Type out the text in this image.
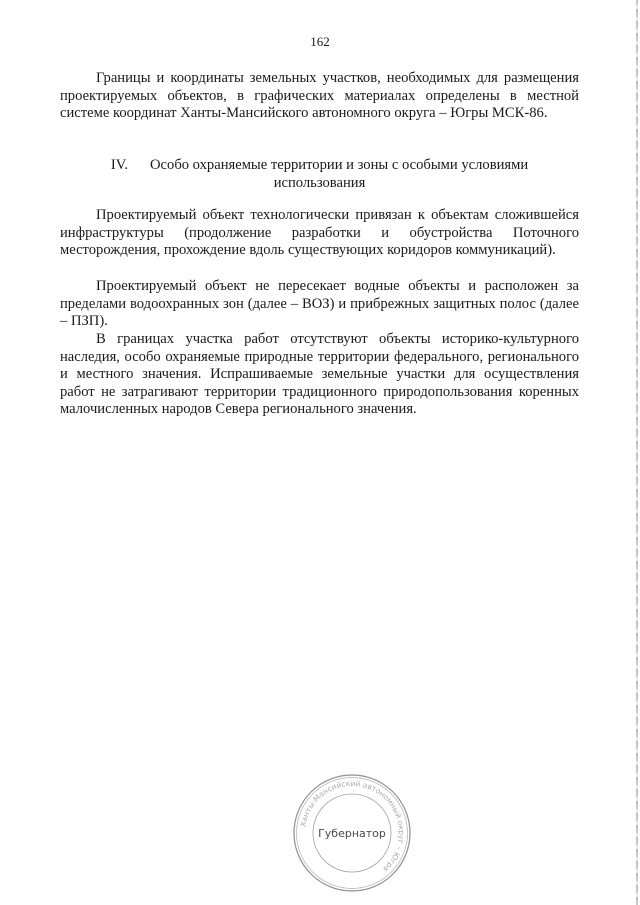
162

Границы и координаты земельных участков, необходимых для размещения проектируемых объектов, в графических материалах определены в местной системе координат Ханты-Мансийского автономного округа – Югры МСК-86.

IV. Особо охраняемые территории и зоны с особыми условиями
использования

Проектируемый объект технологически привязан к объектам сложившейся инфраструктуры (продолжение разработки и обустройства Поточного месторождения, прохождение вдоль существующих коридоров коммуникаций).

Проектируемый объект не пересекает водные объекты и расположен за пределами водоохранных зон (далее – ВОЗ) и прибрежных защитных полос (далее – ПЗП).

В границах участка работ отсутствуют объекты историко-культурного наследия, особо охраняемые природные территории федерального, регионального и местного значения. Испрашиваемые земельные участки для осуществления работ не затрагивают территории традиционного природопользования коренных малочисленных народов Севера регионального значения.

Ханты-Мансийский автономный округ – Югра
Губернатор
